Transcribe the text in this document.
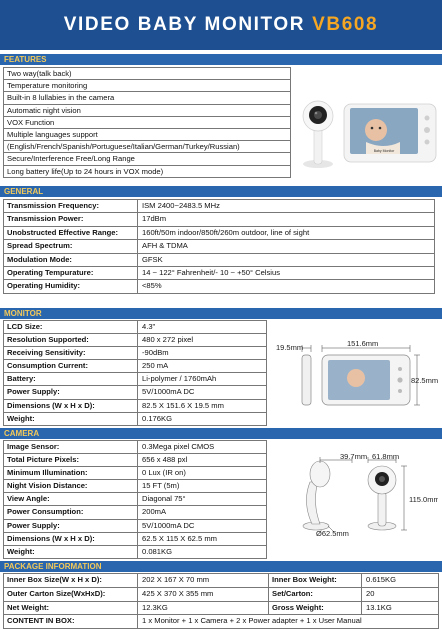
VIDEO BABY MONITOR VB608
FEATURES
Two way(talk back)
Temperature monitoring
Built-in 8 lullabies in the camera
Automatic night vision
VOX Function
Multiple languages support
(English/French/Spanish/Portuguese/Italian/German/Turkey/Russian)
Secure/Interference Free/Long Range
Long battery life(Up to 24 hours in VOX mode)
Baby Monitor
GENERAL
Transmission Frequency:	ISM 2400~2483.5 MHz
Transmission Power:	17dBm
Unobstructed Effective Range:	160ft/50m indoor/850ft/260m outdoor, line of sight
Spread Spectrum:	AFH & TDMA
Modulation Mode:	GFSK
Operating Tempurature:	14 ~ 122° Fahrenheit/- 10 ~ +50° Celsius
Operating Humidity:	<85%
MONITOR
LCD Size:	4.3"
Resolution Supported:	480 x 272 pixel
Receiving Sensitivity:	-90dBm
Consumption Current:	250 mA
Battery:	Li-polymer / 1760mAh
Power Supply:	5V/1000mA DC
Dimensions (W x H x D):	82.5 X 151.6 X 19.5 mm
Weight:	0.176KG
19.5mm	151.6mm
82.5mm
CAMERA
Image Sensor:	0.3Mega pixel CMOS
Total Picture Pixels:	656 x 488 pxl
Minimum Illumination:	0 Lux (IR on)
Night Vision Distance:	15 FT (5m)
View Angle:	Diagonal 75°
Power Consumption:	200mA
Power Supply:	5V/1000mA DC
Dimensions (W x H x D):	62.5 X 115 X 62.5 mm
Weight:	0.081KG
39.7mm
Ø62.5mm
61.8mm
115.0mm
PACKAGE INFORMATION
Inner Box Size(W x H x D):	202 X 167 X 70 mm	Inner Box Weight:	0.615KG
Outer Carton Size(WxHxD):	425 X 370 X 355 mm	Set/Carton:	20
Net Weight:	12.3KG	Gross Weight:	13.1KG
CONTENT IN BOX:	1 x Monitor + 1 x Camera + 2 x Power adapter + 1 x User Manual
